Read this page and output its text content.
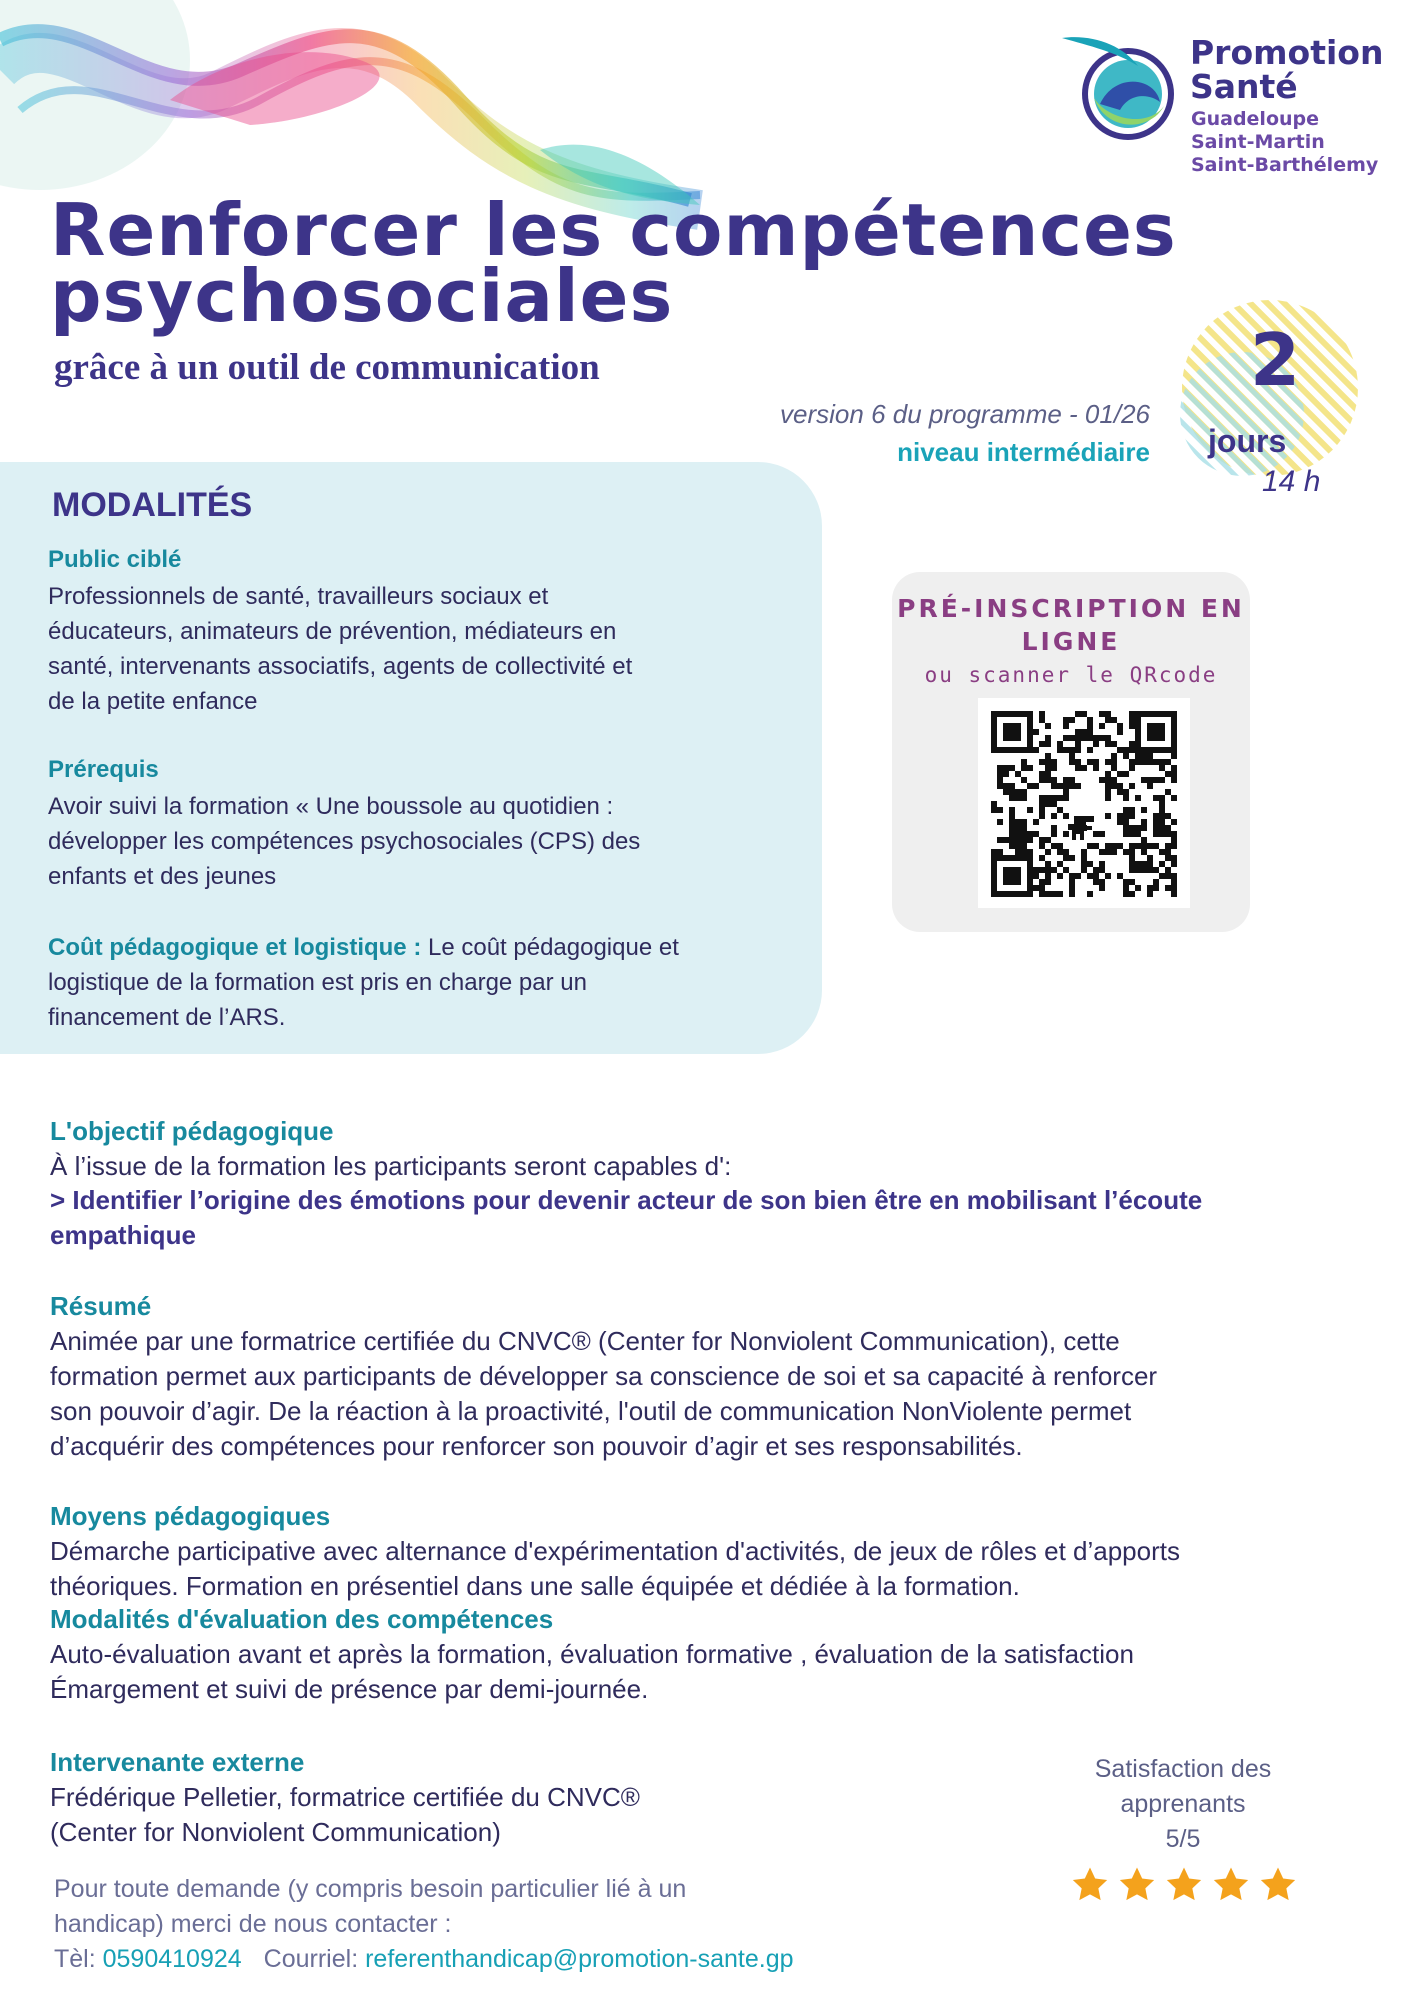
Promotion
Santé
Guadeloupe
Saint-Martin
Saint-Barthélemy
Renforcer les compétences
psychosociales
grâce à un outil de communication
version 6 du programme - 01/26
niveau intermédiaire
2
jours
14 h
MODALITÉS
Public ciblé
Professionnels de santé, travailleurs sociaux et
éducateurs, animateurs de prévention, médiateurs en
santé, intervenants associatifs, agents de collectivité et
de la petite enfance
Prérequis
Avoir suivi la formation « Une boussole au quotidien :
développer les compétences psychosociales (CPS) des
enfants et des jeunes
Coût pédagogique et logistique : Le coût pédagogique et
logistique de la formation est pris en charge par un
financement de l’ARS.
PRÉ-INSCRIPTION EN
LIGNE
ou scanner le QRcode
L'objectif pédagogique
À l’issue de la formation les participants seront capables d':
> Identifier l’origine des émotions pour devenir acteur de son bien être en mobilisant l’écoute
empathique
Résumé
Animée par une formatrice certifiée du CNVC® (Center for Nonviolent Communication), cette
formation permet aux participants de développer sa conscience de soi et sa capacité à renforcer
son pouvoir d’agir. De la réaction à la proactivité, l'outil de communication NonViolente permet
d’acquérir des compétences pour renforcer son pouvoir d’agir et ses responsabilités.
Moyens pédagogiques
Démarche participative avec alternance d'expérimentation d'activités, de jeux de rôles et d’apports
théoriques. Formation en présentiel dans une salle équipée et dédiée à la formation.
Modalités d'évaluation des compétences
Auto-évaluation avant et après la formation, évaluation formative , évaluation de la satisfaction
Émargement et suivi de présence par demi-journée.
Intervenante externe
Frédérique Pelletier, formatrice certifiée du CNVC®
(Center for Nonviolent Communication)
Pour toute demande (y compris besoin particulier lié à un
handicap) merci de nous contacter :
Tèl: 0590410924 Courriel: referenthandicap@promotion-sante.gp
Satisfaction des
apprenants
5/5
